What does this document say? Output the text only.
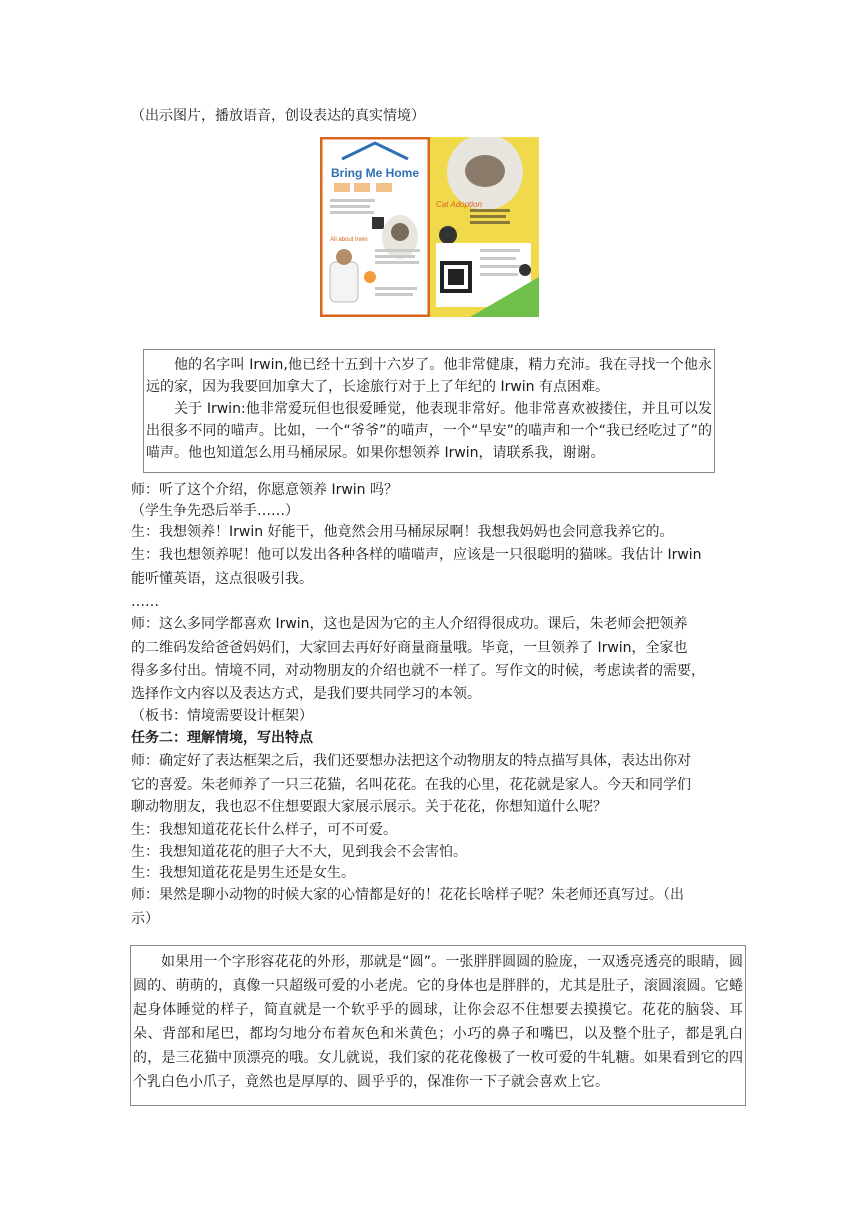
（出示图片，播放语音，创设表达的真实情境）
Bring Me Home
All about Irwin
Cat Adoption

他的名字叫 Irwin,他已经十五到十六岁了。他非常健康，精力充沛。我在寻找一个他永远的家，因为我要回加拿大了，长途旅行对于上了年纪的 Irwin 有点困难。

关于 Irwin:他非常爱玩但也很爱睡觉，他表现非常好。他非常喜欢被搂住，并且可以发出很多不同的喵声。比如，一个“爷爷”的喵声，一个“早安”的喵声和一个“我已经吃过了”的喵声。他也知道怎么用马桶尿尿。如果你想领养 Irwin，请联系我，谢谢。

师：听了这个介绍，你愿意领养 Irwin 吗？
（学生争先恐后举手……）
生：我想领养！Irwin 好能干，他竟然会用马桶尿尿啊！我想我妈妈也会同意我养它的。
生：我也想领养呢！他可以发出各种各样的喵喵声，应该是一只很聪明的猫咪。我估计 Irwin
能听懂英语，这点很吸引我。
……
师：这么多同学都喜欢 Irwin，这也是因为它的主人介绍得很成功。课后，朱老师会把领养
的二维码发给爸爸妈妈们，大家回去再好好商量商量哦。毕竟，一旦领养了 Irwin，全家也
得多多付出。情境不同，对动物朋友的介绍也就不一样了。写作文的时候，考虑读者的需要，
选择作文内容以及表达方式，是我们要共同学习的本领。
（板书：情境需要设计框架）
任务二：理解情境，写出特点
师：确定好了表达框架之后，我们还要想办法把这个动物朋友的特点描写具体，表达出你对
它的喜爱。朱老师养了一只三花猫，名叫花花。在我的心里，花花就是家人。今天和同学们
聊动物朋友，我也忍不住想要跟大家展示展示。关于花花，你想知道什么呢？
生：我想知道花花长什么样子，可不可爱。
生：我想知道花花的胆子大不大，见到我会不会害怕。
生：我想知道花花是男生还是女生。
师：果然是聊小动物的时候大家的心情都是好的！花花长啥样子呢？朱老师还真写过。（出
示）

如果用一个字形容花花的外形，那就是“圆”。一张胖胖圆圆的脸庞，一双透亮透亮的眼睛，圆圆的、萌萌的，真像一只超级可爱的小老虎。它的身体也是胖胖的，尤其是肚子，滚圆滚圆。它蜷起身体睡觉的样子，简直就是一个软乎乎的圆球，让你会忍不住想要去摸摸它。花花的脑袋、耳朵、背部和尾巴，都均匀地分布着灰色和米黄色；小巧的鼻子和嘴巴，以及整个肚子，都是乳白的，是三花猫中顶漂亮的哦。女儿就说，我们家的花花像极了一枚可爱的牛轧糖。如果看到它的四个乳白色小爪子，竟然也是厚厚的、圆乎乎的，保准你一下子就会喜欢上它。
